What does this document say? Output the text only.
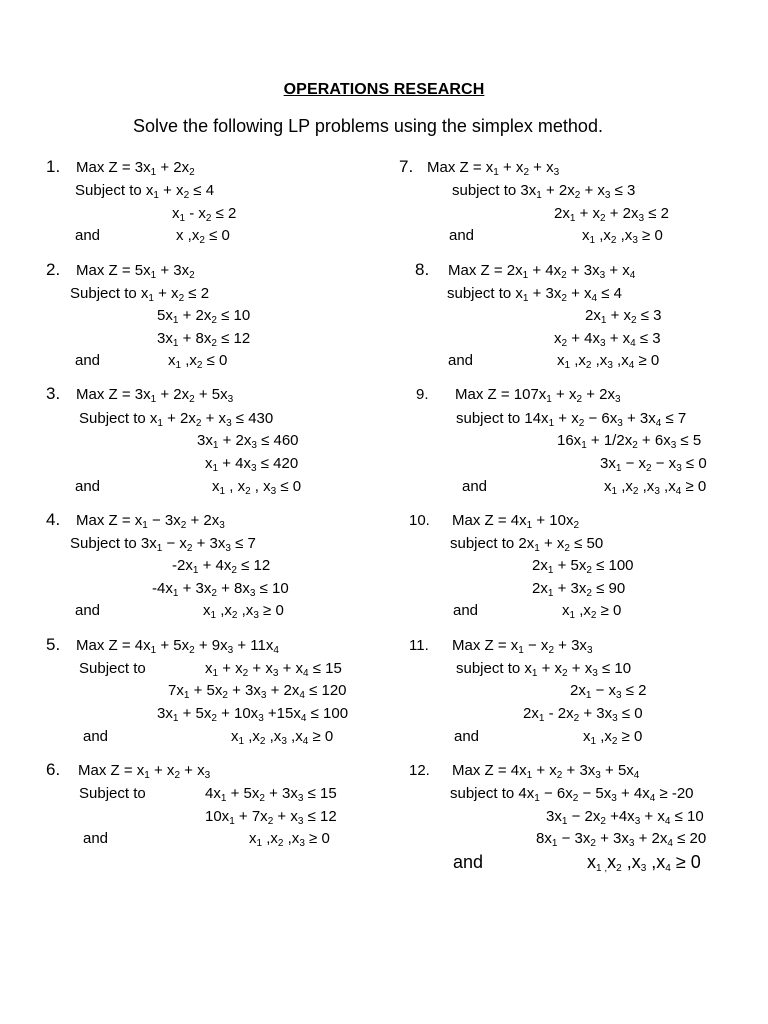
OPERATIONS RESEARCH
Solve the following LP problems using the simplex method.
1. Max $Z = 3x_1 + 2x_2$
Subject to $x_1 + x_2 \le 4$
$x_1 - x_2 \le 2$
and	x $,x_2 \le 0$
2. Max $Z = 5x_1 + 3x_2$
Subject to $x_1 + x_2 \le 2$
$5x_1 + 2x_2 \le 10$
$3x_1 + 8x_2 \le 12$
and	$x_1$ $,x_2 \le 0$
3. Max $Z = 3x_1 + 2x_2 + 5x_3$
Subject to $x_1 + 2x_2 + x_3 \le 430$
$3x_1 + 2x_3 \le 460$
$x_1 + 4x_3 \le 420$
and	$x_1$ , $x_2$ , $x_3 \le 0$
4. Max $Z = x_1 - 3x_2 + 2x_3$
Subject to $3x_1 - x_2 + 3x_3 \le 7$
$-2x_1 + 4x_2 \le 12$
$-4x_1 + 3x_2 + 8x_3 \le 10$
and	$x_1$ $,x_2$ $,x_3 \ge 0$
5. Max $Z = 4x_1 + 5x_2 + 9x_3 + 11x_4$
Subject to	$x_1 + x_2 + x_3 + x_4 \le 15$
$7x_1 + 5x_2 + 3x_3 + 2x_4 \le 120$
$3x_1 + 5x_2 + 10x_3 +15x_4 \le 100$
and	$x_1$ $,x_2$ $,x_3$ $,x_4 \ge 0$
6. Max $Z = x_1 + x_2 + x_3$
Subject to	$4x_1 + 5x_2 + 3x_3 \le 15$
$10x_1 + 7x_2 + x_3 \le 12$
and	$x_1$ $,x_2$ $,x_3 \ge 0$
7. Max $Z = x_1 + x_2 + x_3$
subject to $3x_1 + 2x_2 + x_3 \le 3$
$2x_1 + x_2 + 2x_3 \le 2$
and	$x_1$ $,x_2$ $,x_3 \ge 0$
8. Max $Z = 2x_1 + 4x_2 + 3x_3 + x_4$
subject to $x_1 + 3x_2 + x_4 \le 4$
$2x_1 + x_2 \le 3$
$x_2 + 4x_3 + x_4 \le 3$
and	$x_1$ $,x_2$ $,x_3$ $,x_4 \ge 0$
9. Max $Z = 107x_1 + x_2 + 2x_3$
subject to $14x_1 + x_2 - 6x_3 + 3x_4 \le 7$
$16x_1 + 1/2x_2 + 6x_3 \le 5$
$3x_1 - x_2 - x_3 \le 0$
and	$x_1$ $,x_2$ $,x_3$ $,x_4 \ge 0$
10. Max $Z = 4x_1 + 10x_2$
subject to $2x_1 + x_2 \le 50$
$2x_1 + 5x_2 \le 100$
$2x_1 + 3x_2 \le 90$
and	$x_1$ $,x_2 \ge 0$
11. Max $Z = x_1 - x_2 + 3x_3$
subject to $x_1 + x_2 + x_3 \le 10$
$2x_1 - x_3 \le 2$
$2x_1 - 2x_2 + 3x_3 \le 0$
and	$x_1$ $,x_2 \ge 0$
12. Max $Z = 4x_1 + x_2 + 3x_3 + 5x_4$
subject to $4x_1 - 6x_2 - 5x_3 + 4x_4 \ge -20$
$3x_1 - 2x_2 +4x_3 + x_4 \le 10$
$8x_1 - 3x_2 + 3x_3 + 2x_4 \le 20$
and	$x_{1 ,}x_2$ $,x_3$ $,x_4 \ge 0$
